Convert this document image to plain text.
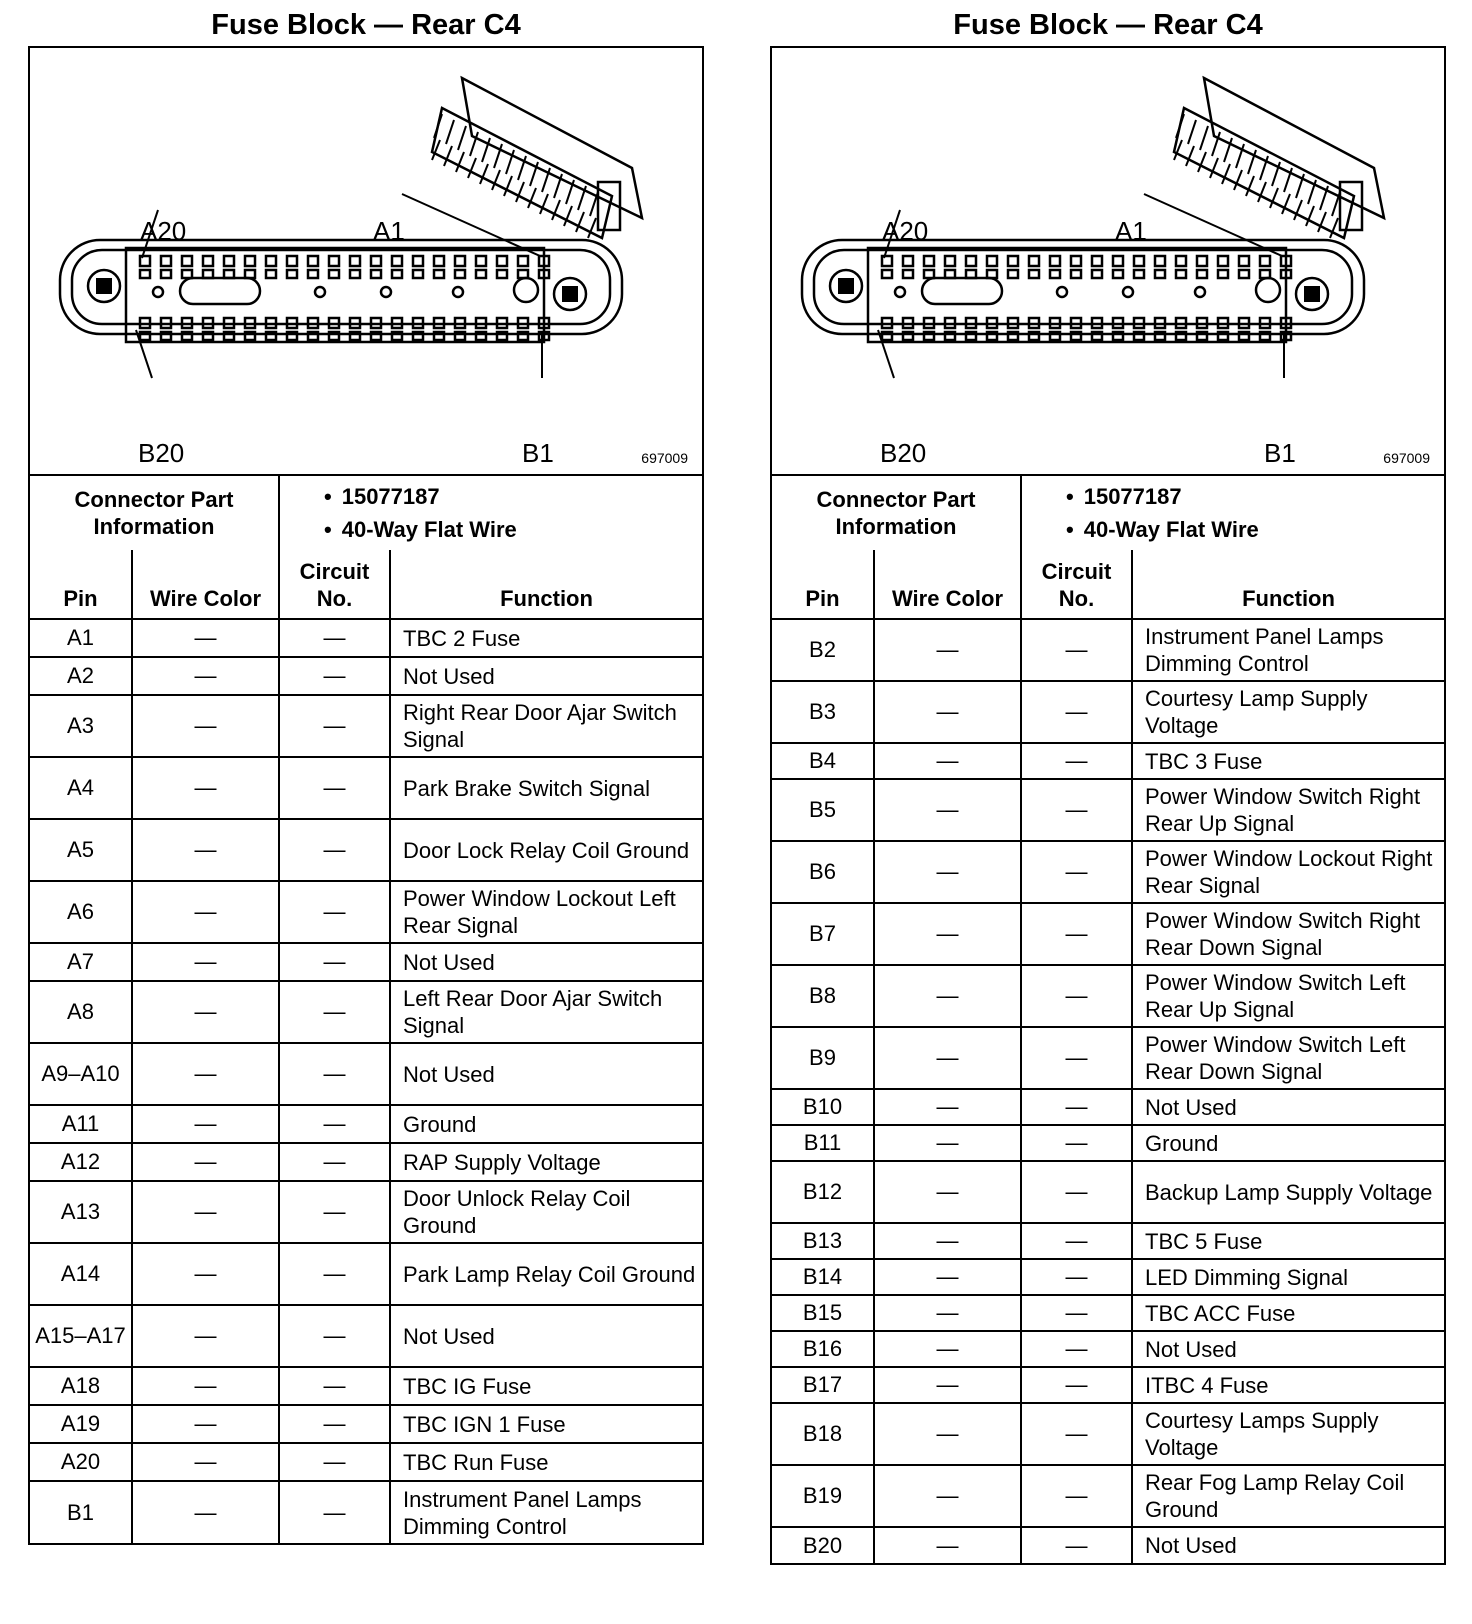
Fuse Block — Rear C4
A20	A1
B20	B1	697009
Connector Part Information	
• 15077187
• 40-Way Flat Wire
Pin	Wire Color	Circuit No.	Function
A1	—	—	TBC 2 Fuse
A2	—	—	Not Used
A3	—	—	Right Rear Door Ajar Switch Signal
A4	—	—	Park Brake Switch Signal
A5	—	—	Door Lock Relay Coil Ground
A6	—	—	Power Window Lockout Left Rear Signal
A7	—	—	Not Used
A8	—	—	Left Rear Door Ajar Switch Signal
A9–A10	—	—	Not Used
A11	—	—	Ground
A12	—	—	RAP Supply Voltage
A13	—	—	Door Unlock Relay Coil Ground
A14	—	—	Park Lamp Relay Coil Ground
A15–A17	—	—	Not Used
A18	—	—	TBC IG Fuse
A19	—	—	TBC IGN 1 Fuse
A20	—	—	TBC Run Fuse
B1	—	—	Instrument Panel Lamps Dimming Control
Fuse Block — Rear C4
A20	A1
B20	B1	697009
Connector Part Information	
• 15077187
• 40-Way Flat Wire
Pin	Wire Color	Circuit No.	Function
B2	—	—	Instrument Panel Lamps Dimming Control
B3	—	—	Courtesy Lamp Supply Voltage
B4	—	—	TBC 3 Fuse
B5	—	—	Power Window Switch Right Rear Up Signal
B6	—	—	Power Window Lockout Right Rear Signal
B7	—	—	Power Window Switch Right Rear Down Signal
B8	—	—	Power Window Switch Left Rear Up Signal
B9	—	—	Power Window Switch Left Rear Down Signal
B10	—	—	Not Used
B11	—	—	Ground
B12	—	—	Backup Lamp Supply Voltage
B13	—	—	TBC 5 Fuse
B14	—	—	LED Dimming Signal
B15	—	—	TBC ACC Fuse
B16	—	—	Not Used
B17	—	—	ITBC 4 Fuse
B18	—	—	Courtesy Lamps Supply Voltage
B19	—	—	Rear Fog Lamp Relay Coil Ground
B20	—	—	Not Used
